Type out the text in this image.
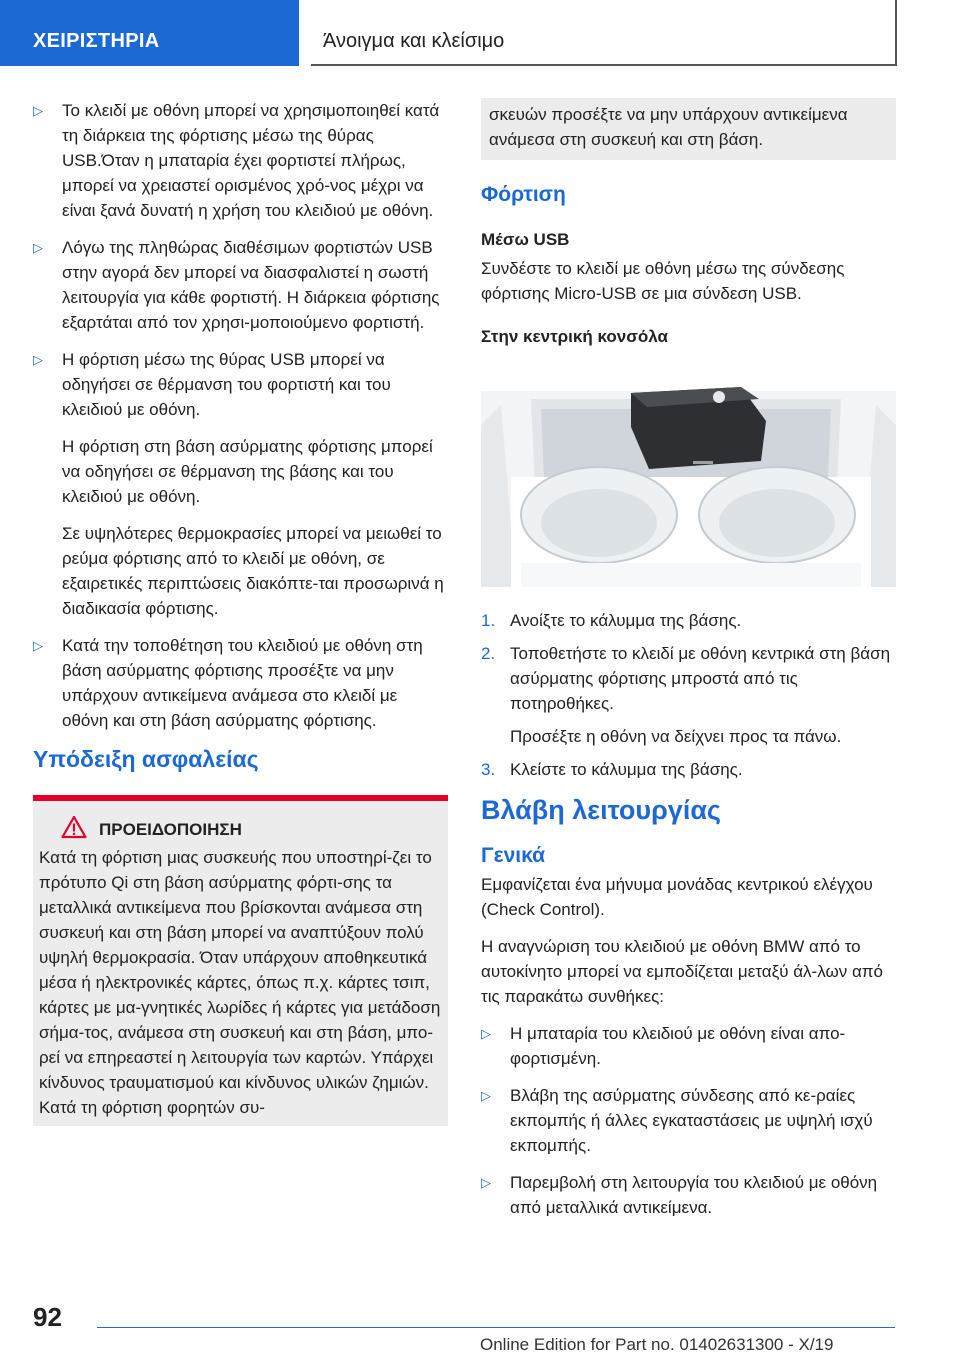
ΧΕΙΡΙΣΤΗΡΙΑ	Άνοιγμα και κλείσιμο
▷ Το κλειδί με οθόνη μπορεί να χρησιμοποιηθεί κατά τη διάρκεια της φόρτισης μέσω της θύρας USB.Όταν η μπαταρία έχει φορτιστεί πλήρως, μπορεί να χρειαστεί ορισμένος χρό-νος μέχρι να είναι ξανά δυνατή η χρήση του κλειδιού με οθόνη.
▷ Λόγω της πληθώρας διαθέσιμων φορτιστών USB στην αγορά δεν μπορεί να διασφαλιστεί η σωστή λειτουργία για κάθε φορτιστή. Η διάρκεια φόρτισης εξαρτάται από τον χρησι-μοποιούμενο φορτιστή.
▷ Η φόρτιση μέσω της θύρας USB μπορεί να οδηγήσει σε θέρμανση του φορτιστή και του κλειδιού με οθόνη.
Η φόρτιση στη βάση ασύρματης φόρτισης μπορεί να οδηγήσει σε θέρμανση της βάσης και του κλειδιού με οθόνη.
Σε υψηλότερες θερμοκρασίες μπορεί να μειωθεί το ρεύμα φόρτισης από το κλειδί με οθόνη, σε εξαιρετικές περιπτώσεις διακόπτε-ται προσωρινά η διαδικασία φόρτισης.
▷ Κατά την τοποθέτηση του κλειδιού με οθόνη στη βάση ασύρματης φόρτισης προσέξτε να μην υπάρχουν αντικείμενα ανάμεσα στο κλειδί με οθόνη και στη βάση ασύρματης φόρτισης.
Υπόδειξη ασφαλείας
ΠΡΟΕΙΔΟΠΟΙΗΣΗ
Κατά τη φόρτιση μιας συσκευής που υποστηρί-ζει το πρότυπο Qi στη βάση ασύρματης φόρτι-σης τα μεταλλικά αντικείμενα που βρίσκονται ανάμεσα στη συσκευή και στη βάση μπορεί να αναπτύξουν πολύ υψηλή θερμοκρασία. Όταν υπάρχουν αποθηκευτικά μέσα ή ηλεκτρονικές κάρτες, όπως π.χ. κάρτες τσιπ, κάρτες με μα-γνητικές λωρίδες ή κάρτες για μετάδοση σήμα-τος, ανάμεσα στη συσκευή και στη βάση, μπο-ρεί να επηρεαστεί η λειτουργία των καρτών. Υπάρχει κίνδυνος τραυματισμού και κίνδυνος υλικών ζημιών. Κατά τη φόρτιση φορητών συ-
σκευών προσέξτε να μην υπάρχουν αντικείμενα ανάμεσα στη συσκευή και στη βάση.
Φόρτιση
Μέσω USB
Συνδέστε το κλειδί με οθόνη μέσω της σύνδεσης φόρτισης Micro-USB σε μια σύνδεση USB.
Στην κεντρική κονσόλα
1. Ανοίξτε το κάλυμμα της βάσης.
2. Τοποθετήστε το κλειδί με οθόνη κεντρικά στη βάση ασύρματης φόρτισης μπροστά από τις ποτηροθήκες.
Προσέξτε η οθόνη να δείχνει προς τα πάνω.
3. Κλείστε το κάλυμμα της βάσης.
Βλάβη λειτουργίας
Γενικά
Εμφανίζεται ένα μήνυμα μονάδας κεντρικού ελέγχου (Check Control).
Η αναγνώριση του κλειδιού με οθόνη BMW από το αυτοκίνητο μπορεί να εμποδίζεται μεταξύ άλ-λων από τις παρακάτω συνθήκες:
▷ Η μπαταρία του κλειδιού με οθόνη είναι απο-φορτισμένη.
▷ Βλάβη της ασύρματης σύνδεσης από κε-ραίες εκπομπής ή άλλες εγκαταστάσεις με υψηλή ισχύ εκπομπής.
▷ Παρεμβολή στη λειτουργία του κλειδιού με οθόνη από μεταλλικά αντικείμενα.
92
Online Edition for Part no. 01402631300 - X/19
